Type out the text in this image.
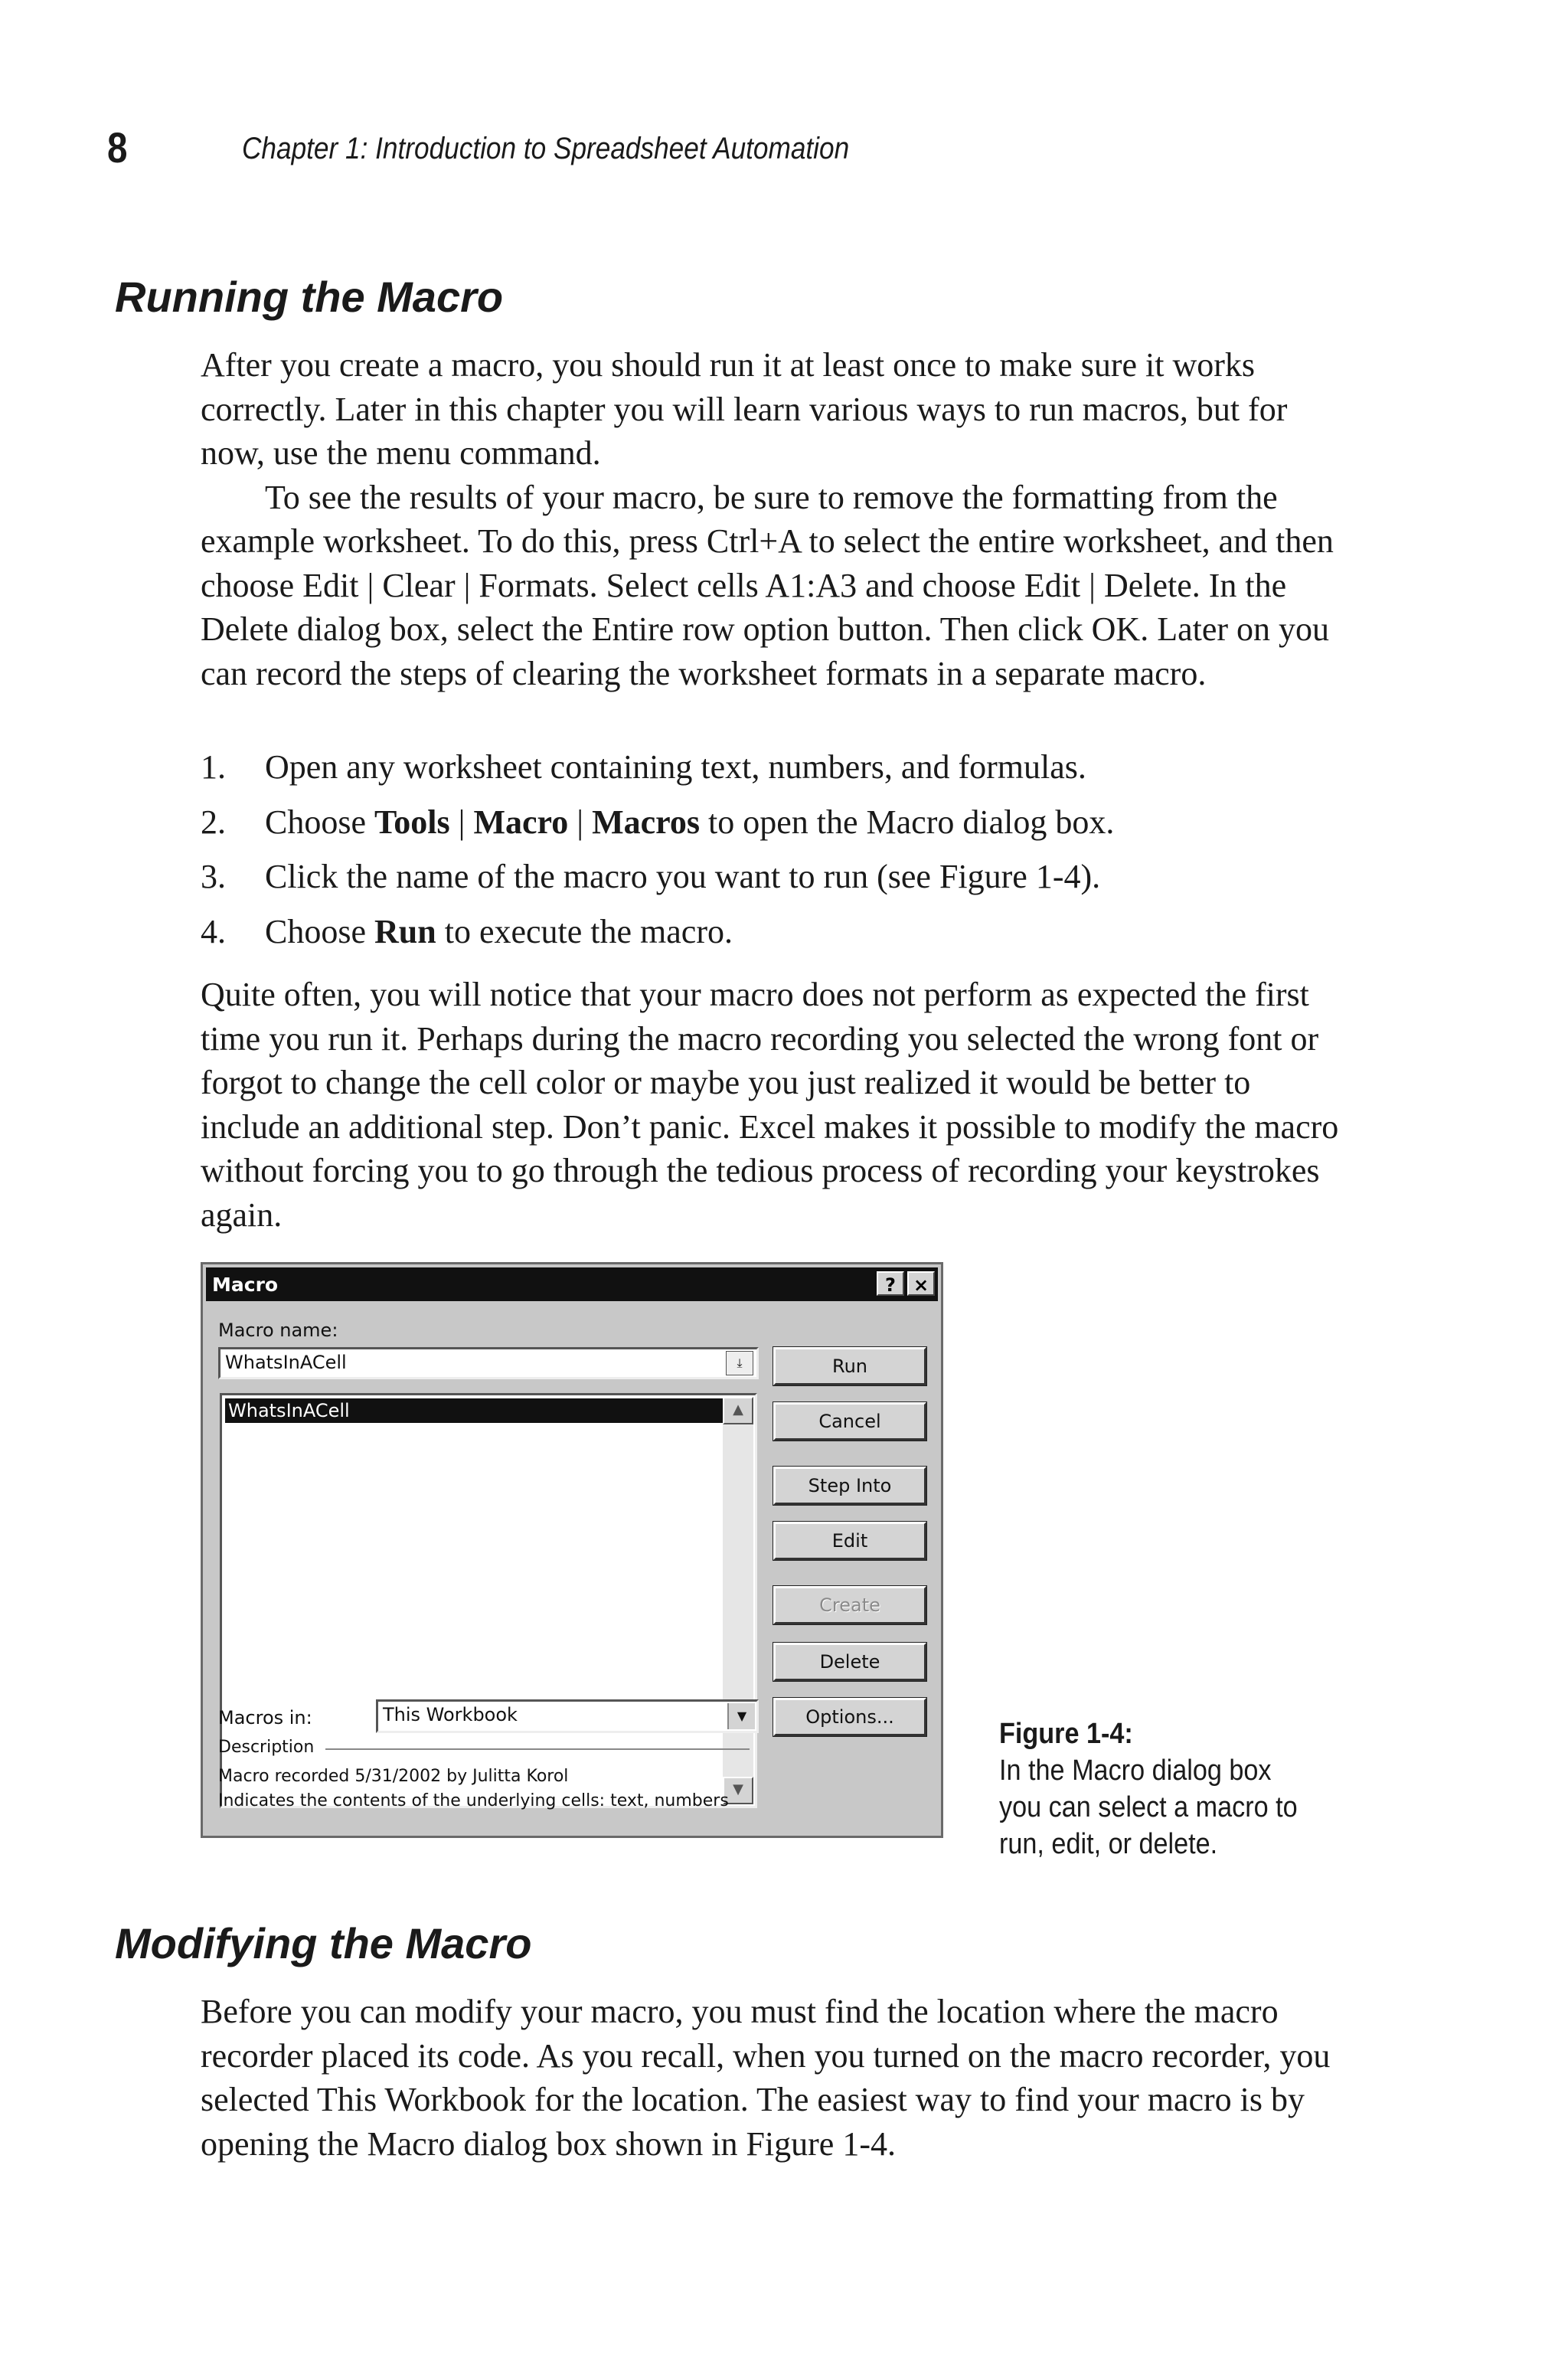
8	Chapter 1: Introduction to Spreadsheet Automation
Running the Macro

After you create a macro, you should run it at least once to make sure it works correctly. Later in this chapter you will learn various ways to run macros, but for now, use the menu command.

To see the results of your macro, be sure to remove the formatting from the example worksheet. To do this, press Ctrl+A to select the entire worksheet, and then choose Edit | Clear | Formats. Select cells A1:A3 and choose Edit | Delete. In the Delete dialog box, select the Entire row option button. Then click OK. Later on you can record the steps of clearing the worksheet formats in a separate macro.

1. Open any worksheet containing text, numbers, and formulas.
2. Choose Tools | Macro | Macros to open the Macro dialog box.
3. Click the name of the macro you want to run (see Figure 1-4).
4. Choose Run to execute the macro.

Quite often, you will notice that your macro does not perform as expected the first time you run it. Perhaps during the macro recording you selected the wrong font or forgot to change the cell color or maybe you just realized it would be better to include an additional step. Don’t panic. Excel makes it possible to modify the macro without forcing you to go through the tedious process of recording your keystrokes again.

Macro	? ×
Macro name:
WhatsInACell	⤓
WhatsInACell	▲
▼
Run
Cancel
Step Into
Edit
Create
Delete
Options...
Macros in:	This Workbook	▼
Description
Macro recorded 5/31/2002 by Julitta Korol
Indicates the contents of the underlying cells: text, numbers
Figure 1-4:
In the Macro dialog box you can select a macro to run, edit, or delete.
Modifying the Macro

Before you can modify your macro, you must find the location where the macro recorder placed its code. As you recall, when you turned on the macro recorder, you selected This Workbook for the location. The easiest way to find your macro is by opening the Macro dialog box shown in Figure 1-4.
